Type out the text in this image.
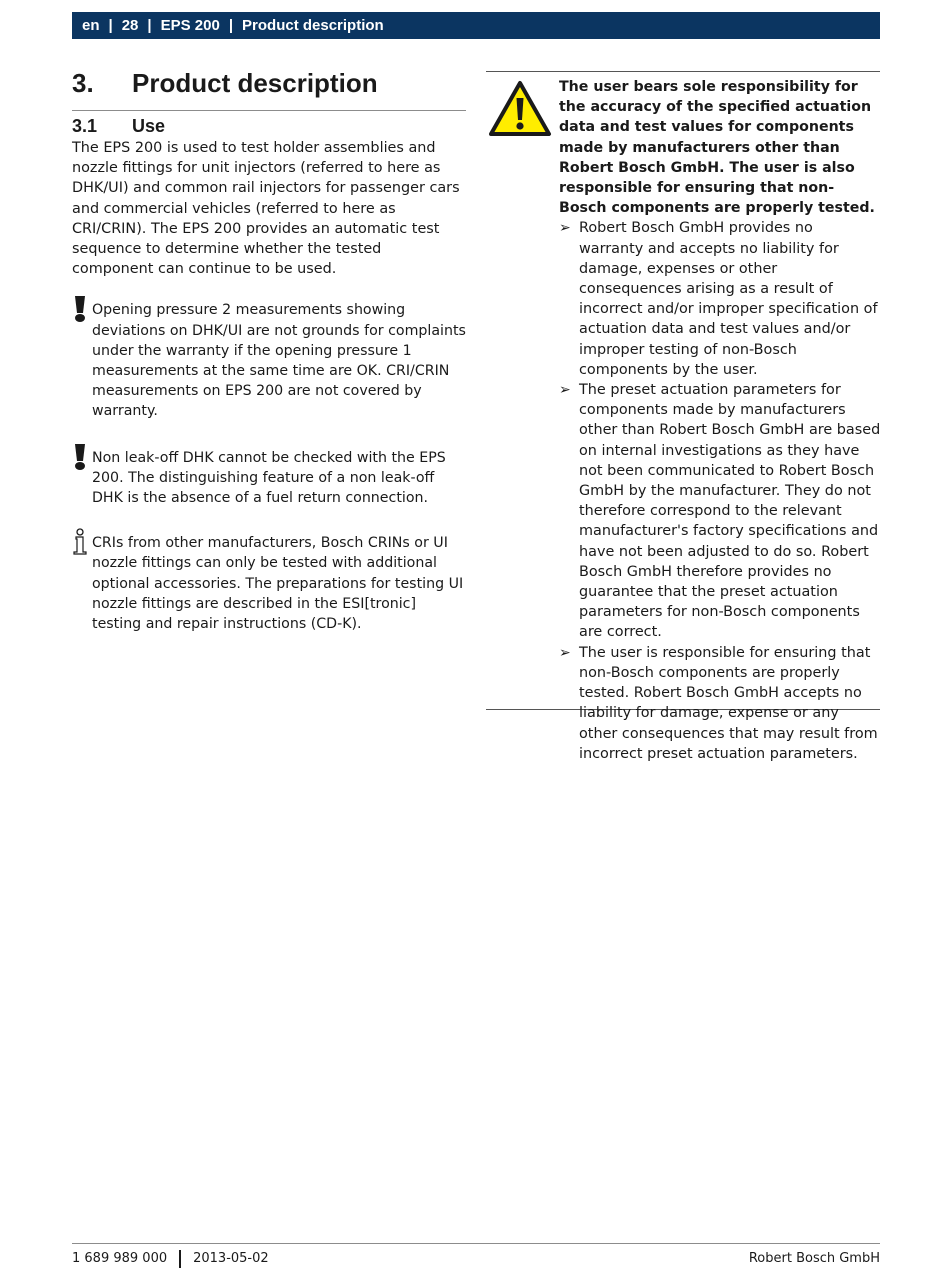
en | 28 | EPS 200 | Product description
3.	Product description
3.1	Use

The EPS 200 is used to test holder assemblies and nozzle fittings for unit injectors (referred to here as DHK/UI) and common rail injectors for passenger cars and commercial vehicles (referred to here as CRI/CRIN). The EPS 200 provides an automatic test sequence to determine whether the tested component can continue to be used.

Opening pressure 2 measurements showing deviations on DHK/UI are not grounds for complaints under the warranty if the opening pressure 1 measurements at the same time are OK. CRI/CRIN measurements on EPS 200 are not covered by warranty.

Non leak-off DHK cannot be checked with the EPS 200. The distinguishing feature of a non leak-off DHK is the absence of a fuel return connection.

CRIs from other manufacturers, Bosch CRINs or UI nozzle fittings can only be tested with additional optional accessories. The preparations for testing UI nozzle fittings are described in the ESI[tronic] testing and repair instructions (CD-K).

The user bears sole responsibility for the accuracy of the specified actuation data and test values for components made by manufacturers other than Robert Bosch GmbH. The user is also responsible for ensuring that non-Bosch components are properly tested.

➢ Robert Bosch GmbH provides no warranty and accepts no liability for damage, expenses or other consequences arising as a result of incorrect and/or improper specification of actuation data and test values and/or improper testing of non-Bosch components by the user.

➢ The preset actuation parameters for components made by manufacturers other than Robert Bosch GmbH are based on internal investigations as they have not been communicated to Robert Bosch GmbH by the manufacturer. They do not therefore correspond to the relevant manufacturer's factory specifications and have not been adjusted to do so. Robert Bosch GmbH therefore provides no guarantee that the preset actuation parameters for non-Bosch components are correct.

➢ The user is responsible for ensuring that non-Bosch components are properly tested. Robert Bosch GmbH accepts no liability for damage, expense or any other consequences that may result from incorrect preset actuation parameters.

1 689 989 000 2013-05-02	Robert Bosch GmbH
